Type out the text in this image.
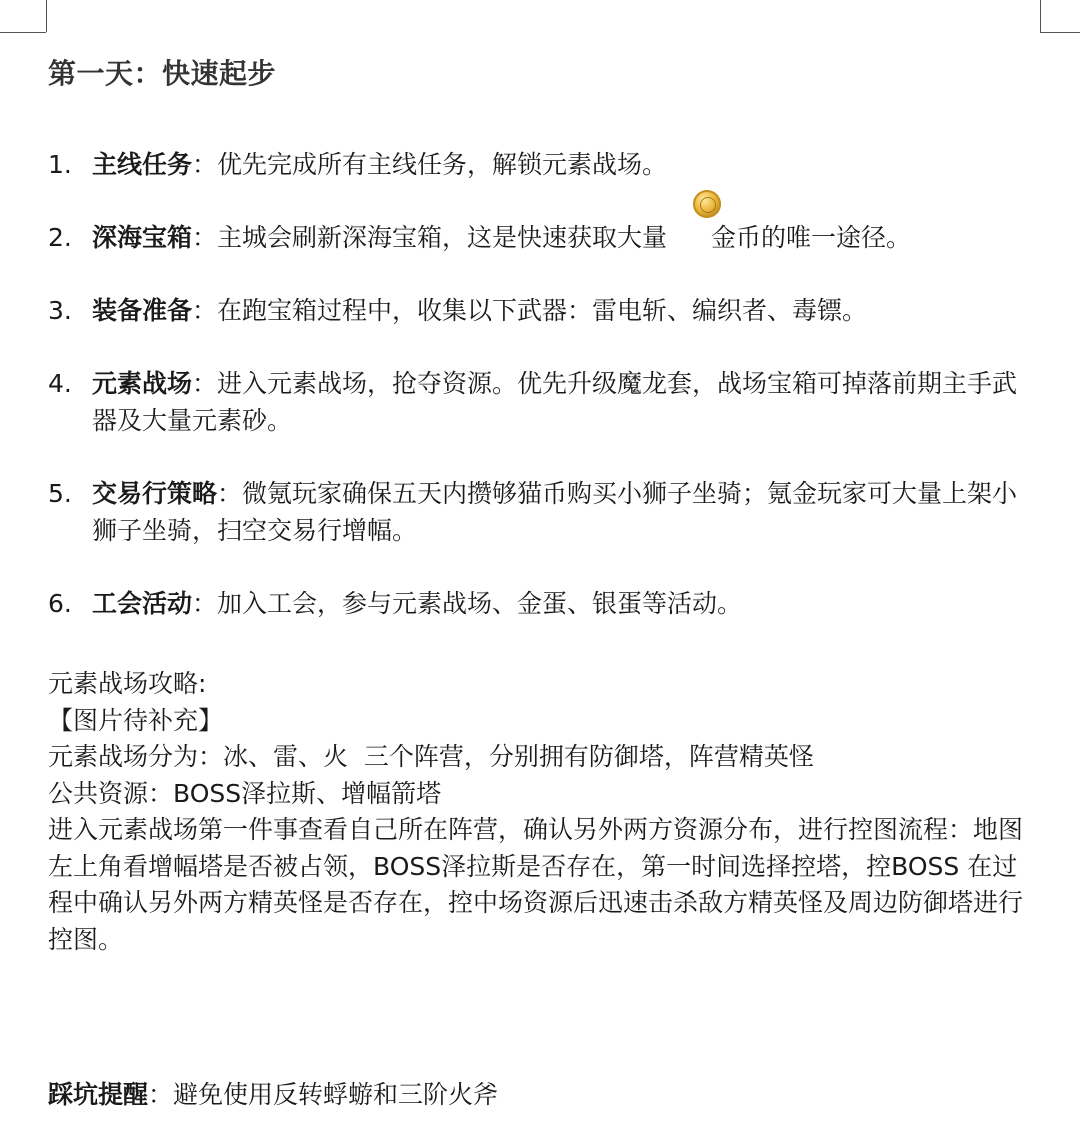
第一天：快速起步
1. 主线任务：优先完成所有主线任务，解锁元素战场。
2. 深海宝箱：主城会刷新深海宝箱，这是快速获取大量 金币的唯一途径。
3. 装备准备：在跑宝箱过程中，收集以下武器：雷电斩、编织者、毒镖。
4. 元素战场：进入元素战场，抢夺资源。优先升级魔龙套，战场宝箱可掉落前期主手武器及大量元素砂。
5. 交易行策略：微氪玩家确保五天内攒够猫币购买小狮子坐骑；氪金玩家可大量上架小狮子坐骑，扫空交易行增幅。
6. 工会活动：加入工会，参与元素战场、金蛋、银蛋等活动。

元素战场攻略:

【图片待补充】

元素战场分为：冰、雷、火  三个阵营，分别拥有防御塔，阵营精英怪

公共资源：BOSS泽拉斯、增幅箭塔

进入元素战场第一件事查看自己所在阵营，确认另外两方资源分布，进行控图流程：地图左上角看增幅塔是否被占领，BOSS泽拉斯是否存在，第一时间选择控塔，控BOSS 在过程中确认另外两方精英怪是否存在，控中场资源后迅速击杀敌方精英怪及周边防御塔进行控图。

踩坑提醒：避免使用反转蜉蝣和三阶火斧
